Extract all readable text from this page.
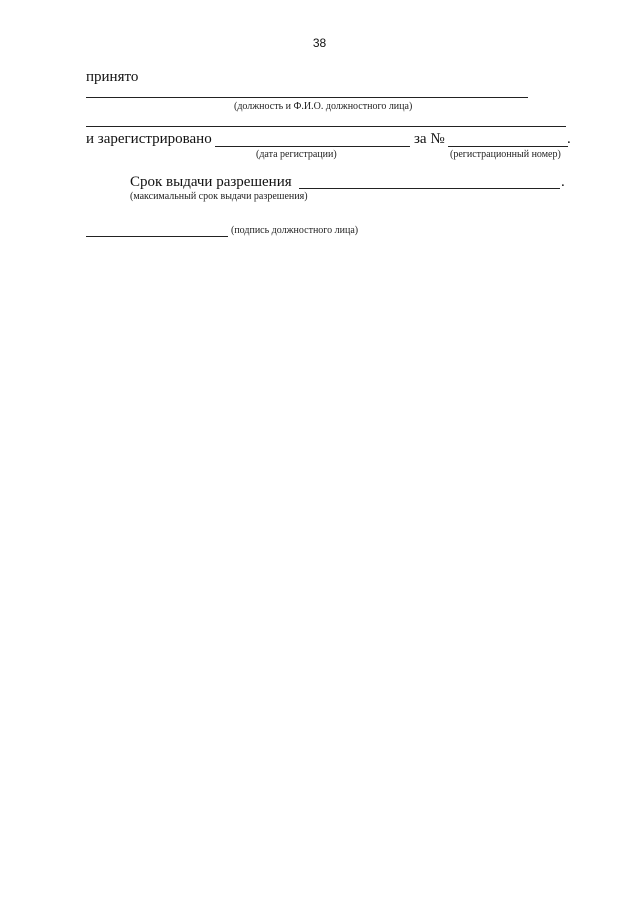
38
принято
(должность и Ф.И.О. должностного лица)
и зарегистрировано	за №	.
(дата регистрации)	(регистрационный номер)
Срок выдачи разрешения	.
(максимальный срок выдачи разрешения)
(подпись должностного лица)
